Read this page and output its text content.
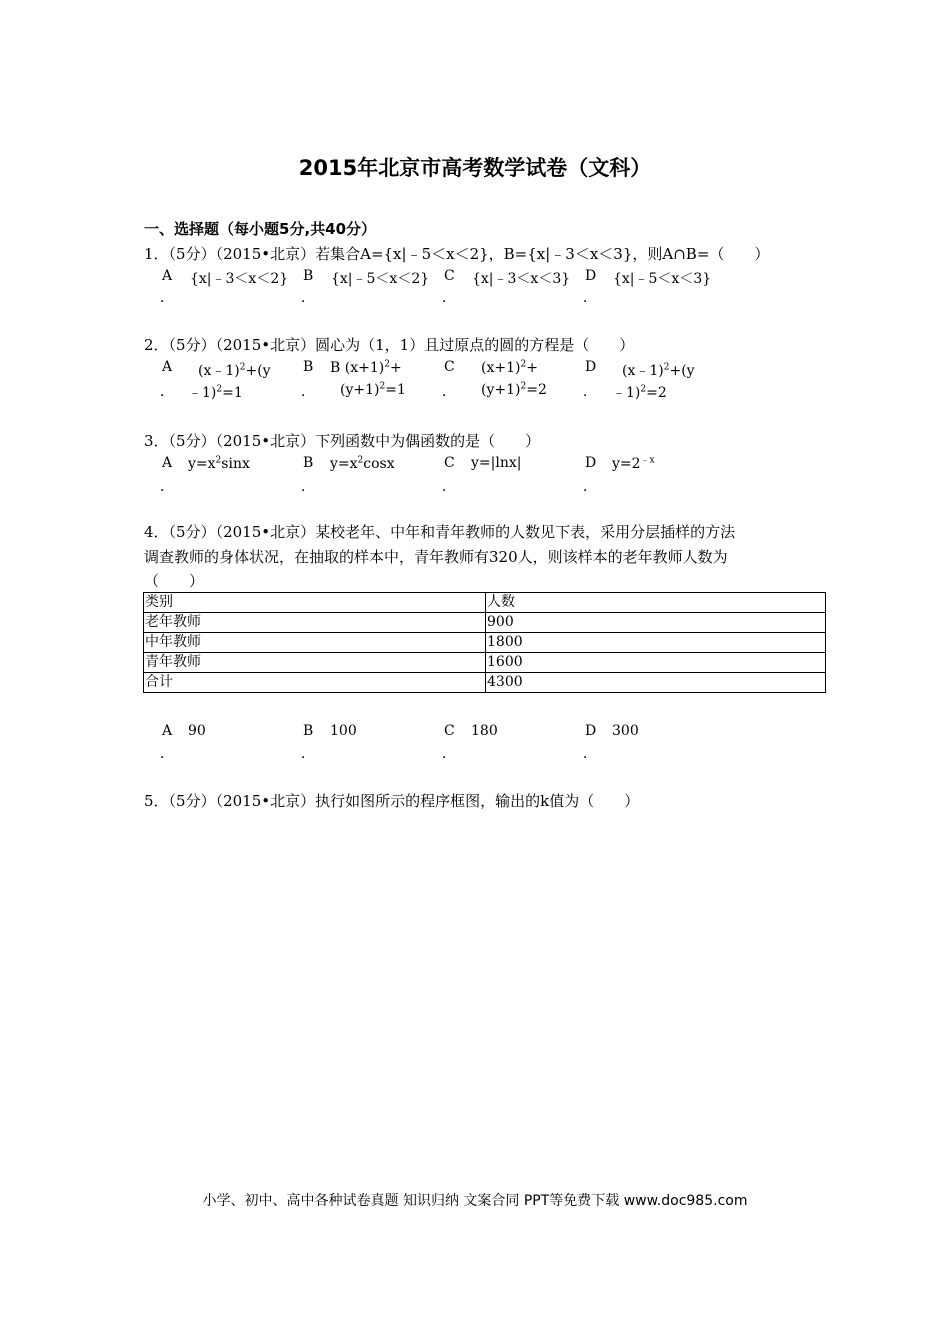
2015年北京市高考数学试卷（文科）
一、选择题（每小题5分,共40分）
1．（5分）（2015•北京）若集合A={x|﹣5＜x＜2}，B={x|﹣3＜x＜3}，则A∩B=（　　）
A {x|﹣3＜x＜2}
．
B {x|﹣5＜x＜2}
．
C {x|﹣3＜x＜3}
．
D {x|﹣5＜x＜3}
．
2．（5分）（2015•北京）圆心为（1，1）且过原点的圆的方程是（　　）
A (x﹣1)$^2$+(y
． ﹣1)$^2$=1
B B $(x+1)^2+$
． $(y+1)^2=1$
C $(x+1)^2+$
． $(y+1)^2=2$
D (x﹣1)$^2$+(y
． ﹣1)$^2$=2
3．（5分）（2015•北京）下列函数中为偶函数的是（　　）
A $y=x^2\sin x$
．
B $y=x^2\cos x$
．
C y=|lnx|
．
D $y=2^{﹣x}$
．
4．（5分）（2015•北京）某校老年、中年和青年教师的人数见下表，采用分层插样的方法
调查教师的身体状况，在抽取的样本中，青年教师有320人，则该样本的老年教师人数为
（　　）
类别	人数
老年教师	900
中年教师	1800
青年教师	1600
合计	4300
A 90
．
B 100
．
C 180
．
D 300
．
5．（5分）（2015•北京）执行如图所示的程序框图，输出的k值为（　　）
小学、初中、高中各种试卷真题 知识归纳 文案合同 PPT等免费下载 www.doc985.com
